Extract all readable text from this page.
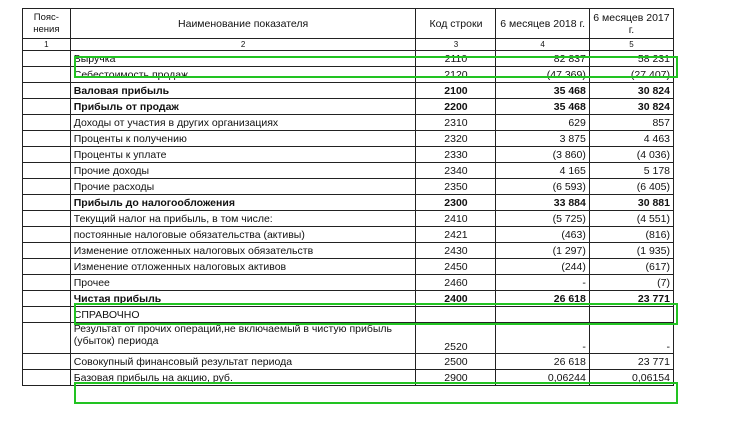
Пояс-нения	Наименование показателя	Код строки	6 месяцев 2018 г.	6 месяцев 2017 г.
1	2	3	4	5
	Выручка	2110	82 837	58 231
	Себестоимость продаж	2120	(47 369)	(27 407)
	Валовая прибыль	2100	35 468	30 824
	Прибыль от продаж	2200	35 468	30 824
	Доходы от участия в других организациях	2310	629	857
	Проценты к получению	2320	3 875	4 463
	Проценты к уплате	2330	(3 860)	(4 036)
	Прочие доходы	2340	4 165	5 178
	Прочие расходы	2350	(6 593)	(6 405)
	Прибыль до налогообложения	2300	33 884	30 881
	Текущий налог на прибыль, в том числе:	2410	(5 725)	(4 551)
	постоянные налоговые обязательства (активы)	2421	(463)	(816)
	Изменение отложенных налоговых обязательств	2430	(1 297)	(1 935)
	Изменение отложенных налоговых активов	2450	(244)	(617)
	Прочее	2460	-	(7)
	Чистая прибыль	2400	26 618	23 771
	СПРАВОЧНО			
	Результат от прочих операций,не включаемый в чистую прибыль (убыток) периода	2520	-	-
	Совокупный финансовый результат периода	2500	26 618	23 771
	Базовая прибыль на акцию, руб.	2900	0,06244	0,06154
